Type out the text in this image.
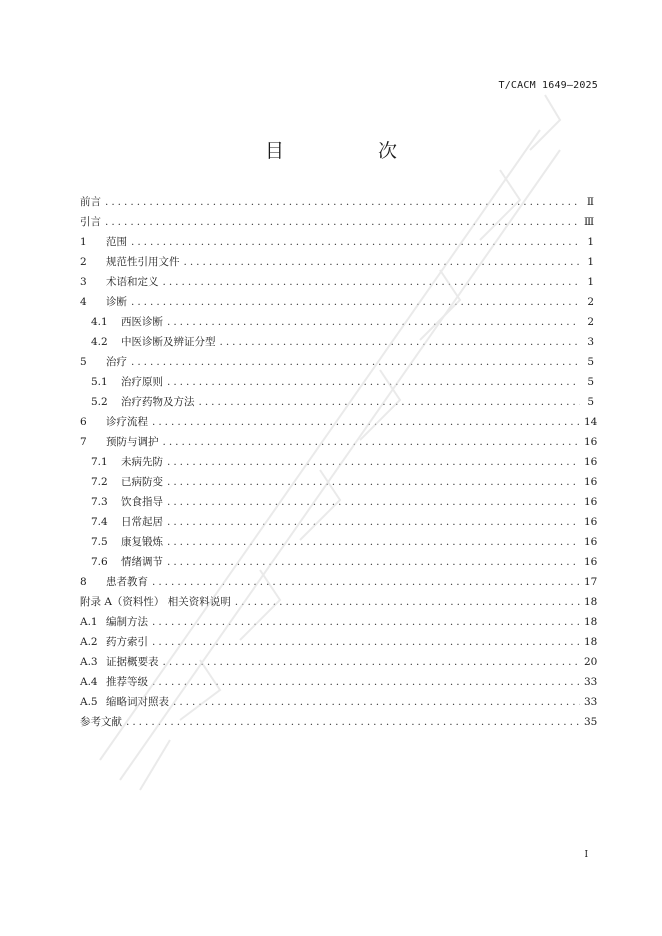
T/CACM 1649—2025
目 次
前言 .....	Ⅱ
引言 .....	Ⅲ
1	范围 .....	1
2	规范性引用文件 .....	1
3	术语和定义 .....	1
4	诊断 .....	2
4.1	西医诊断 .....	2
4.2	中医诊断及辨证分型 .....	3
5	治疗 .....	5
5.1	治疗原则 .....	5
5.2	治疗药物及方法 .....	5
6	诊疗流程 .....	14
7	预防与调护 .....	16
7.1	未病先防 .....	16
7.2	已病防变 .....	16
7.3	饮食指导 .....	16
7.4	日常起居 .....	16
7.5	康复锻炼 .....	16
7.6	情绪调节 .....	16
8	患者教育 .....	17
附录 A（资料性） 相关资料说明 .....	18
A.1 编制方法 .....	18
A.2 药方索引 .....	18
A.3 证据概要表 .....	20
A.4 推荐等级 .....	33
A.5 缩略词对照表 .....	33
参考文献 .....	35
I
